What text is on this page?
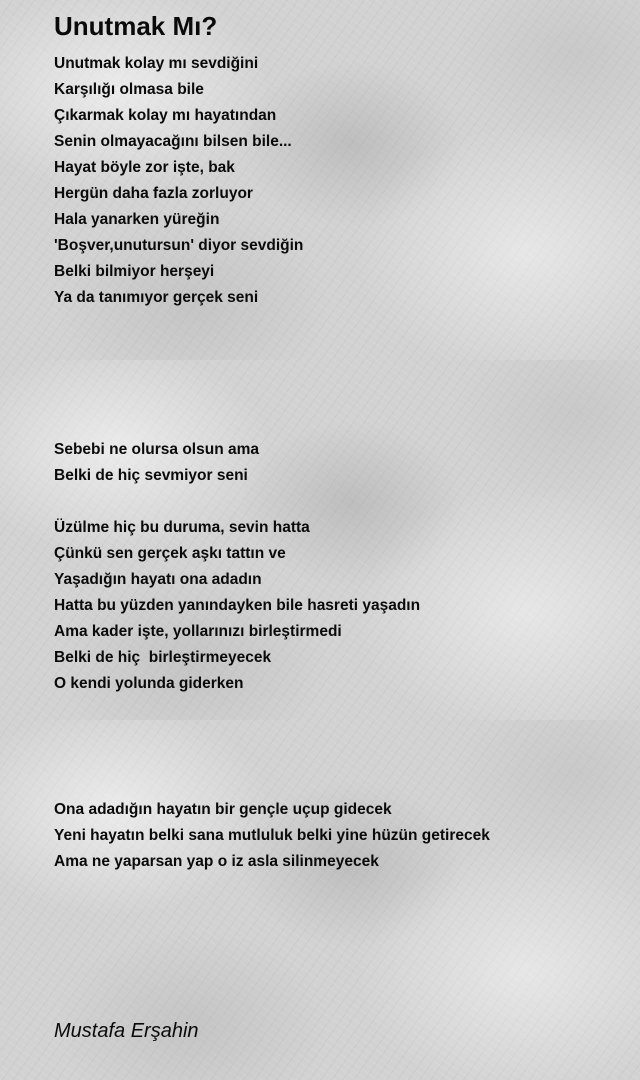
Unutmak Mı?
Unutmak kolay mı sevdiğini
Karşılığı olmasa bile
Çıkarmak kolay mı hayatından
Senin olmayacağını bilsen bile...
Hayat böyle zor işte, bak
Hergün daha fazla zorluyor
Hala yanarken yüreğin
'Boşver,unutursun' diyor sevdiğin
Belki bilmiyor herşeyi
Ya da tanımıyor gerçek seni
Sebebi ne olursa olsun ama
Belki de hiç sevmiyor seni
Üzülme hiç bu duruma, sevin hatta
Çünkü sen gerçek aşkı tattın ve
Yaşadığın hayatı ona adadın
Hatta bu yüzden yanındayken bile hasreti yaşadın
Ama kader işte, yollarınızı birleştirmedi
Belki de hiç  birleştirmeyecek
O kendi yolunda giderken
Ona adadığın hayatın bir gençle uçup gidecek
Yeni hayatın belki sana mutluluk belki yine hüzün getirecek
Ama ne yaparsan yap o iz asla silinmeyecek

Mustafa Erşahin
